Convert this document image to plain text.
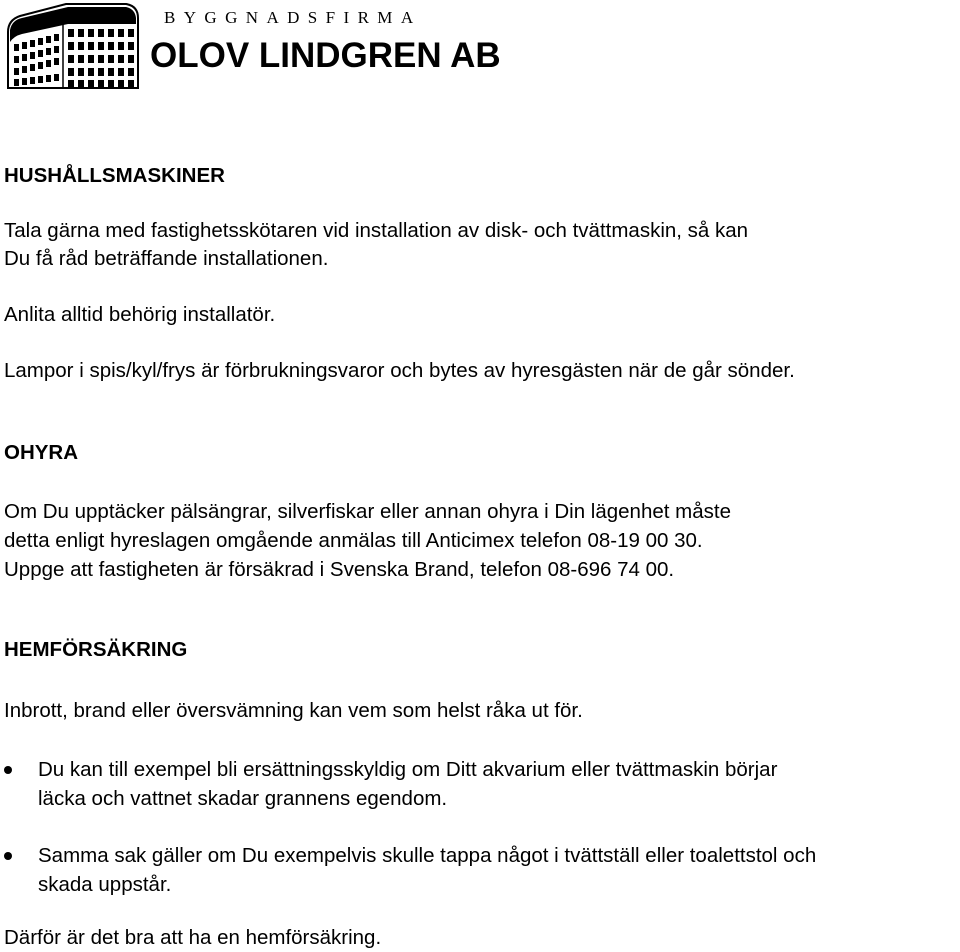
BYGGNADSFIRMA
OLOV LINDGREN AB

HUSHÅLLSMASKINER

Tala gärna med fastighetsskötaren vid installation av disk- och tvättmaskin, så kan

Du få råd beträffande installationen.

Anlita alltid behörig installatör.

Lampor i spis/kyl/frys är förbrukningsvaror och bytes av hyresgästen när de går sönder.

OHYRA

Om Du upptäcker pälsängrar, silverfiskar eller annan ohyra i Din lägenhet måste

detta enligt hyreslagen omgående anmälas till Anticimex telefon 08-19 00 30.

Uppge att fastigheten är försäkrad i Svenska Brand, telefon 08-696 74 00.

HEMFÖRSÄKRING

Inbrott, brand eller översvämning kan vem som helst råka ut för.

Du kan till exempel bli ersättningsskyldig om Ditt akvarium eller tvättmaskin börjar

läcka och vattnet skadar grannens egendom.

Samma sak gäller om Du exempelvis skulle tappa något i tvättställ eller toalettstol och

skada uppstår.

Därför är det bra att ha en hemförsäkring.
